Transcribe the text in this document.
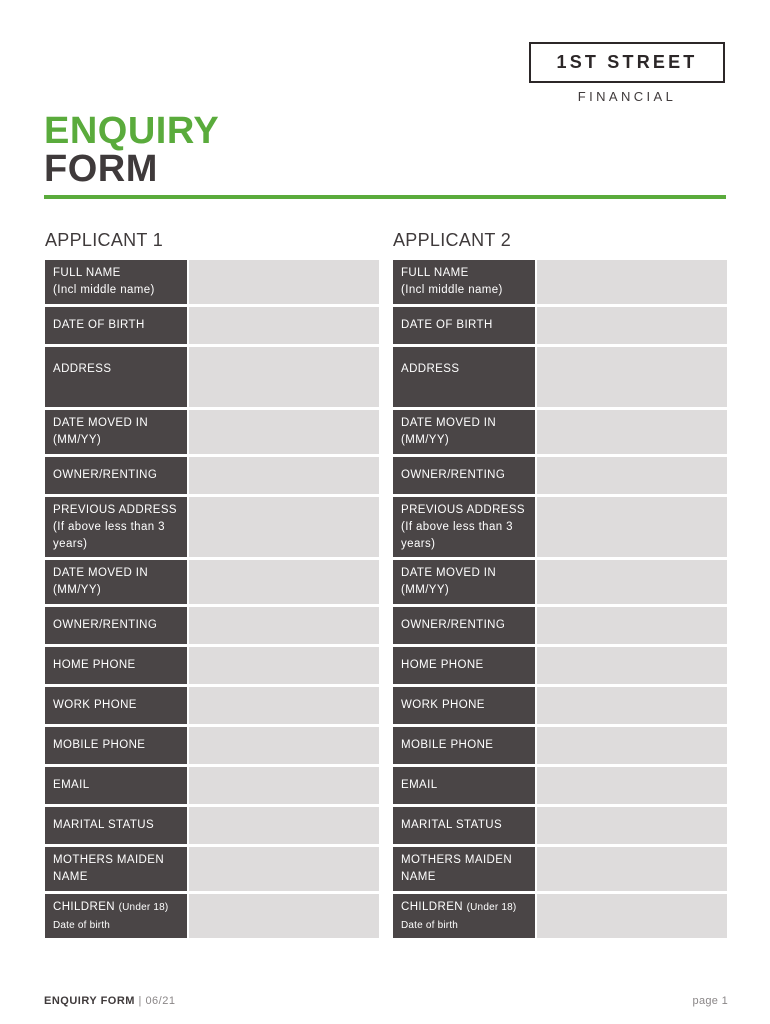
1ST STREET
FINANCIAL
ENQUIRY
FORM
APPLICANT 1
FULL NAME
(Incl middle name)
DATE OF BIRTH
ADDRESS
DATE MOVED IN
(MM/YY)
OWNER/RENTING
PREVIOUS ADDRESS
(If above less than 3
years)
DATE MOVED IN
(MM/YY)
OWNER/RENTING
HOME PHONE
WORK PHONE
MOBILE PHONE
EMAIL
MARITAL STATUS
MOTHERS MAIDEN
NAME
CHILDREN (Under 18)
Date of birth
APPLICANT 2
FULL NAME
(Incl middle name)
DATE OF BIRTH
ADDRESS
DATE MOVED IN
(MM/YY)
OWNER/RENTING
PREVIOUS ADDRESS
(If above less than 3
years)
DATE MOVED IN
(MM/YY)
OWNER/RENTING
HOME PHONE
WORK PHONE
MOBILE PHONE
EMAIL
MARITAL STATUS
MOTHERS MAIDEN
NAME
CHILDREN (Under 18)
Date of birth
ENQUIRY FORM | 06/21	page 1
